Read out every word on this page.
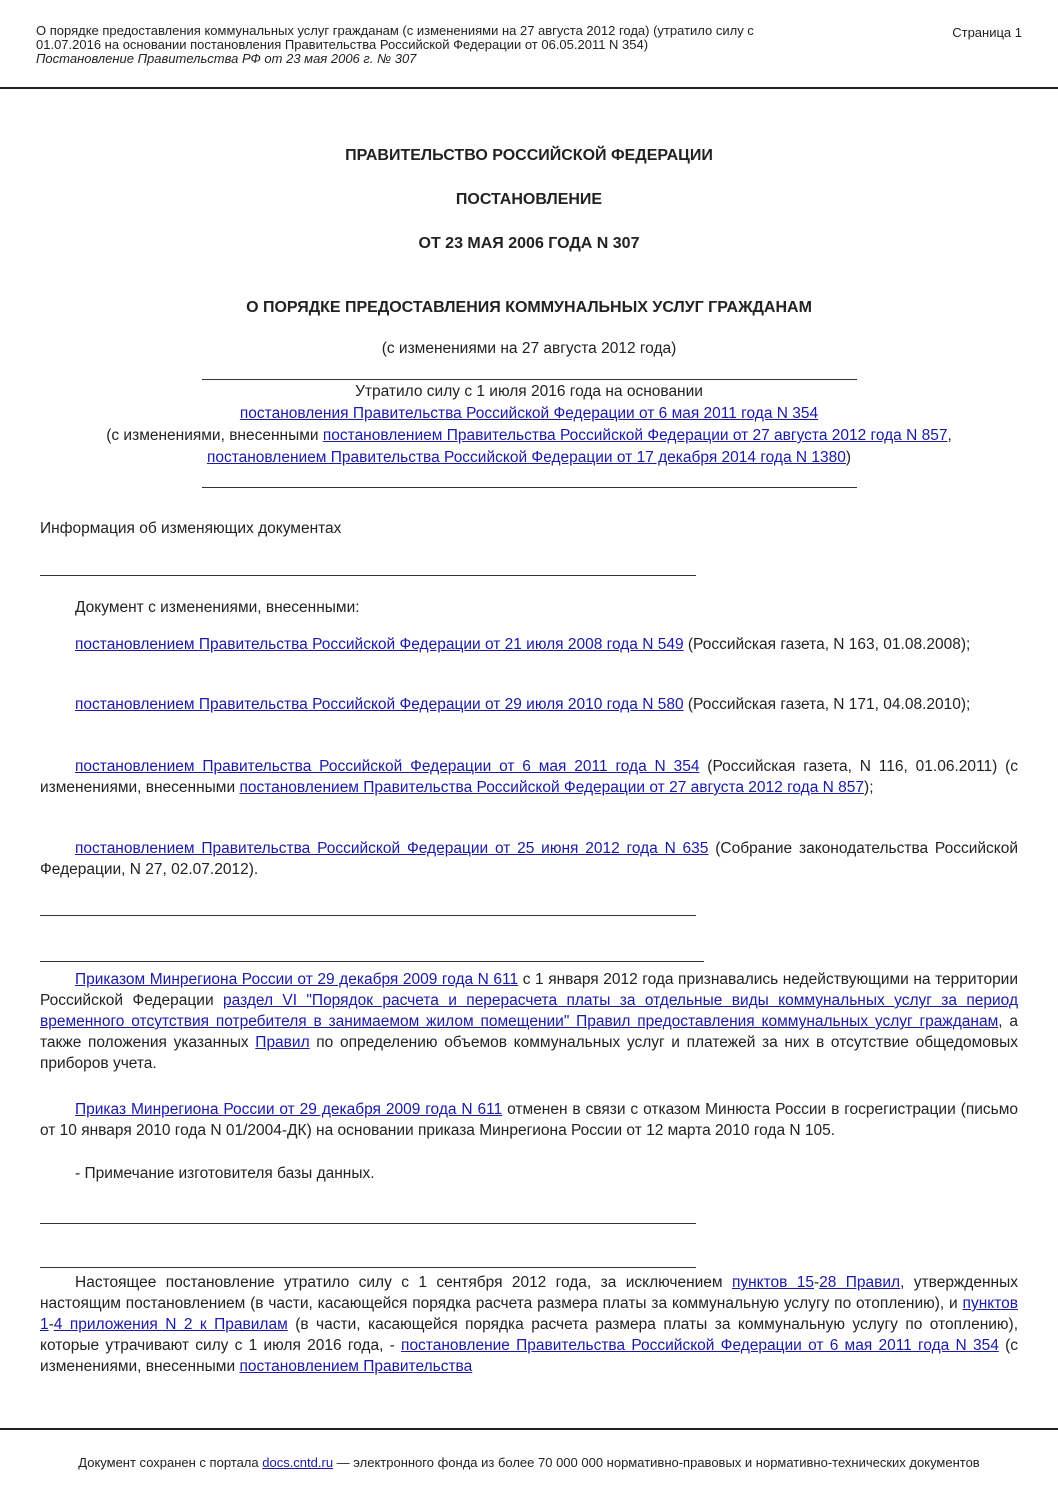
О порядке предоставления коммунальных услуг гражданам (с изменениями на 27 августа 2012 года) (утратило силу с
01.07.2016 на основании постановления Правительства Российской Федерации от 06.05.2011 N 354)
Постановление Правительства РФ от 23 мая 2006 г. № 307
Страница 1
ПРАВИТЕЛЬСТВО РОССИЙСКОЙ ФЕДЕРАЦИИ
ПОСТАНОВЛЕНИЕ
ОТ 23 МАЯ 2006 ГОДА N 307
О ПОРЯДКЕ ПРЕДОСТАВЛЕНИЯ КОММУНАЛЬНЫХ УСЛУГ ГРАЖДАНАМ
(с изменениями на 27 августа 2012 года)
Утратило силу с 1 июля 2016 года на основании
постановления Правительства Российской Федерации от 6 мая 2011 года N 354
(с изменениями, внесенными постановлением Правительства Российской Федерации от 27 августа 2012 года N 857,
постановлением Правительства Российской Федерации от 17 декабря 2014 года N 1380)
Информация об изменяющих документах
Документ с изменениями, внесенными:
постановлением Правительства Российской Федерации от 21 июля 2008 года N 549 (Российская газета, N 163, 01.08.2008);
постановлением Правительства Российской Федерации от 29 июля 2010 года N 580 (Российская газета, N 171, 04.08.2010);
постановлением Правительства Российской Федерации от 6 мая 2011 года N 354 (Российская газета, N 116, 01.06.2011) (с изменениями, внесенными постановлением Правительства Российской Федерации от 27 августа 2012 года N 857);
постановлением Правительства Российской Федерации от 25 июня 2012 года N 635 (Собрание законодательства Российской Федерации, N 27, 02.07.2012).
Приказом Минрегиона России от 29 декабря 2009 года N 611 с 1 января 2012 года признавались недействующими на территории Российской Федерации раздел VI "Порядок расчета и перерасчета платы за отдельные виды коммунальных услуг за период временного отсутствия потребителя в занимаемом жилом помещении" Правил предоставления коммунальных услуг гражданам, а также положения указанных Правил по определению объемов коммунальных услуг и платежей за них в отсутствие общедомовых приборов учета.
Приказ Минрегиона России от 29 декабря 2009 года N 611 отменен в связи с отказом Минюста России в госрегистрации (письмо от 10 января 2010 года N 01/2004-ДК) на основании приказа Минрегиона России от 12 марта 2010 года N 105.
- Примечание изготовителя базы данных.
Настоящее постановление утратило силу с 1 сентября 2012 года, за исключением пунктов 15-28 Правил, утвержденных настоящим постановлением (в части, касающейся порядка расчета размера платы за коммунальную услугу по отоплению), и пунктов 1-4 приложения N 2 к Правилам (в части, касающейся порядка расчета размера платы за коммунальную услугу по отоплению), которые утрачивают силу с 1 июля 2016 года, - постановление Правительства Российской Федерации от 6 мая 2011 года N 354 (с изменениями, внесенными постановлением Правительства
Документ сохранен с портала docs.cntd.ru — электронного фонда из более 70 000 000 нормативно-правовых и нормативно-технических документов
